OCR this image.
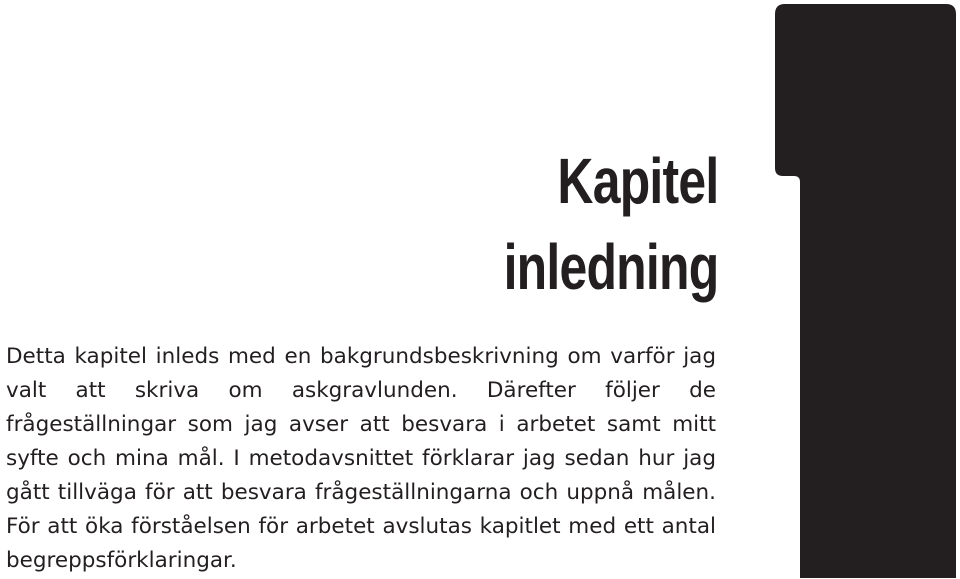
Kapitel
inledning

Detta kapitel inleds med en bakgrundsbeskrivning om varför jag valt att skriva om askgravlunden. Därefter följer de frågeställningar som jag avser att besvara i arbetet samt mitt syfte och mina mål. I metodavsnittet förklarar jag sedan hur jag gått tillväga för att besvara frågeställningarna och uppnå målen. För att öka förståelsen för arbetet avslutas kapitlet med ett antal begreppsförklaringar.
